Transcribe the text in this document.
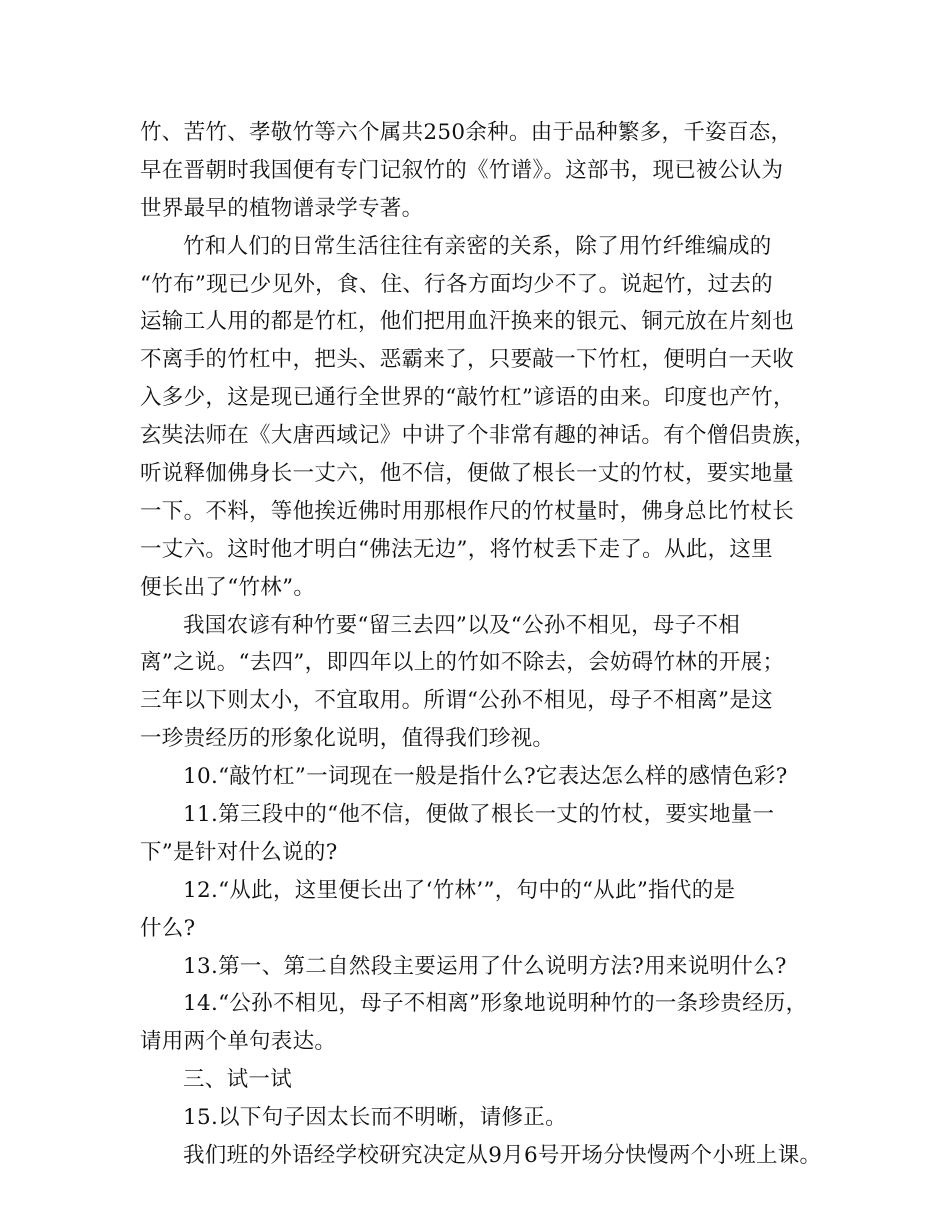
竹、苦竹、孝敬竹等六个属共250余种。由于品种繁多，千姿百态，
早在晋朝时我国便有专门记叙竹的《竹谱》。这部书，现已被公认为
世界最早的植物谱录学专著。
竹和人们的日常生活往往有亲密的关系，除了用竹纤维编成的
“竹布”现已少见外，食、住、行各方面均少不了。说起竹，过去的
运输工人用的都是竹杠，他们把用血汗换来的银元、铜元放在片刻也
不离手的竹杠中，把头、恶霸来了，只要敲一下竹杠，便明白一天收
入多少，这是现已通行全世界的“敲竹杠”谚语的由来。印度也产竹，
玄奘法师在《大唐西域记》中讲了个非常有趣的神话。有个僧侣贵族，
听说释伽佛身长一丈六，他不信，便做了根长一丈的竹杖，要实地量
一下。不料，等他挨近佛时用那根作尺的竹杖量时，佛身总比竹杖长
一丈六。这时他才明白“佛法无边”，将竹杖丢下走了。从此，这里
便长出了“竹林”。
我国农谚有种竹要“留三去四”以及“公孙不相见，母子不相
离”之说。“去四”，即四年以上的竹如不除去，会妨碍竹林的开展；
三年以下则太小，不宜取用。所谓“公孙不相见，母子不相离”是这
一珍贵经历的形象化说明，值得我们珍视。
10.“敲竹杠”一词现在一般是指什么?它表达怎么样的感情色彩?
11.第三段中的“他不信，便做了根长一丈的竹杖，要实地量一
下”是针对什么说的?
12.“从此，这里便长出了‘竹林’”，句中的“从此”指代的是
什么?
13.第一、第二自然段主要运用了什么说明方法?用来说明什么?
14.“公孙不相见，母子不相离”形象地说明种竹的一条珍贵经历，
请用两个单句表达。
三、试一试
15.以下句子因太长而不明晰，请修正。
我们班的外语经学校研究决定从9月6号开场分快慢两个小班上课。
